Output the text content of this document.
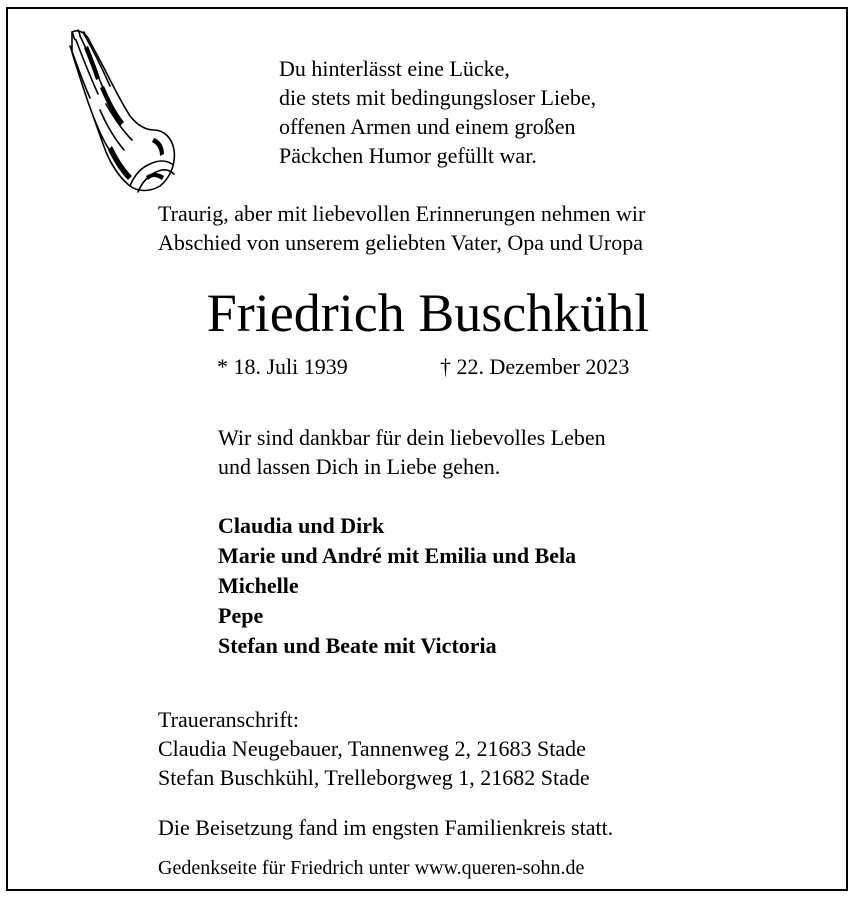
Du hinterlässt eine Lücke,
die stets mit bedingungsloser Liebe,
offenen Armen und einem großen
Päckchen Humor gefüllt war.
Traurig, aber mit liebevollen Erinnerungen nehmen wir
Abschied von unserem geliebten Vater, Opa und Uropa
Friedrich Buschkühl
* 18. Juli 1939	† 22. Dezember 2023
Wir sind dankbar für dein liebevolles Leben
und lassen Dich in Liebe gehen.
Claudia und Dirk
Marie und André mit Emilia und Bela
Michelle
Pepe
Stefan und Beate mit Victoria
Traueranschrift:
Claudia Neugebauer, Tannenweg 2, 21683 Stade
Stefan Buschkühl, Trelleborgweg 1, 21682 Stade
Die Beisetzung fand im engsten Familienkreis statt.
Gedenkseite für Friedrich unter www.queren-sohn.de
